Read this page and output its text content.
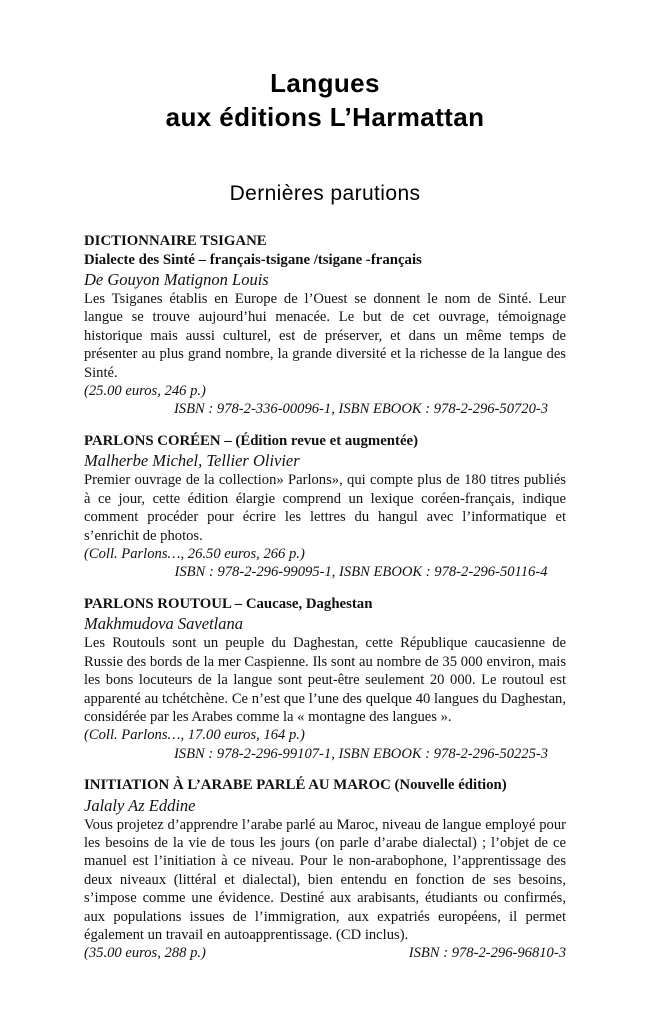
Langues
aux éditions L’Harmattan
Dernières parutions
DICTIONNAIRE TSIGANE
Dialecte des Sinté – français-tsigane /tsigane -français
De Gouyon Matignon Louis

Les Tsiganes établis en Europe de l’Ouest se donnent le nom de Sinté. Leur langue se trouve aujourd’hui menacée. Le but de cet ouvrage, témoignage historique mais aussi culturel, est de préserver, et dans un même temps de présenter au plus grand nombre, la grande diversité et la richesse de la langue des Sinté.

(25.00 euros, 246 p.)
ISBN : 978-2-336-00096-1, ISBN EBOOK : 978-2-296-50720-3
PARLONS CORÉEN – (Édition revue et augmentée)
Malherbe Michel, Tellier Olivier

Premier ouvrage de la collection» Parlons», qui compte plus de 180 titres publiés à ce jour, cette édition élargie comprend un lexique coréen-français, indique comment procéder pour écrire les lettres du hangul avec l’informatique et s’enrichit de photos.

(Coll. Parlons…, 26.50 euros, 266 p.)
ISBN : 978-2-296-99095-1, ISBN EBOOK : 978-2-296-50116-4
PARLONS ROUTOUL – Caucase, Daghestan
Makhmudova Savetlana

Les Routouls sont un peuple du Daghestan, cette République caucasienne de Russie des bords de la mer Caspienne. Ils sont au nombre de 35 000 environ, mais les bons locuteurs de la langue sont peut-être seulement 20 000. Le routoul est apparenté au tchétchène. Ce n’est que l’une des quelque 40 langues du Daghestan, considérée par les Arabes comme la « montagne des langues ».

(Coll. Parlons…, 17.00 euros, 164 p.)
ISBN : 978-2-296-99107-1, ISBN EBOOK : 978-2-296-50225-3
INITIATION À L’ARABE PARLÉ AU MAROC (Nouvelle édition)
Jalaly Az Eddine

Vous projetez d’apprendre l’arabe parlé au Maroc, niveau de langue employé pour les besoins de la vie de tous les jours (on parle d’arabe dialectal) ; l’objet de ce manuel est l’initiation à ce niveau. Pour le non-arabophone, l’apprentissage des deux niveaux (littéral et dialectal), bien entendu en fonction de ses besoins, s’impose comme une évidence. Destiné aux arabisants, étudiants ou confirmés, aux populations issues de l’immigration, aux expatriés européens, il permet également un travail en autoapprentissage. (CD inclus).

(35.00 euros, 288 p.)	ISBN : 978-2-296-96810-3
